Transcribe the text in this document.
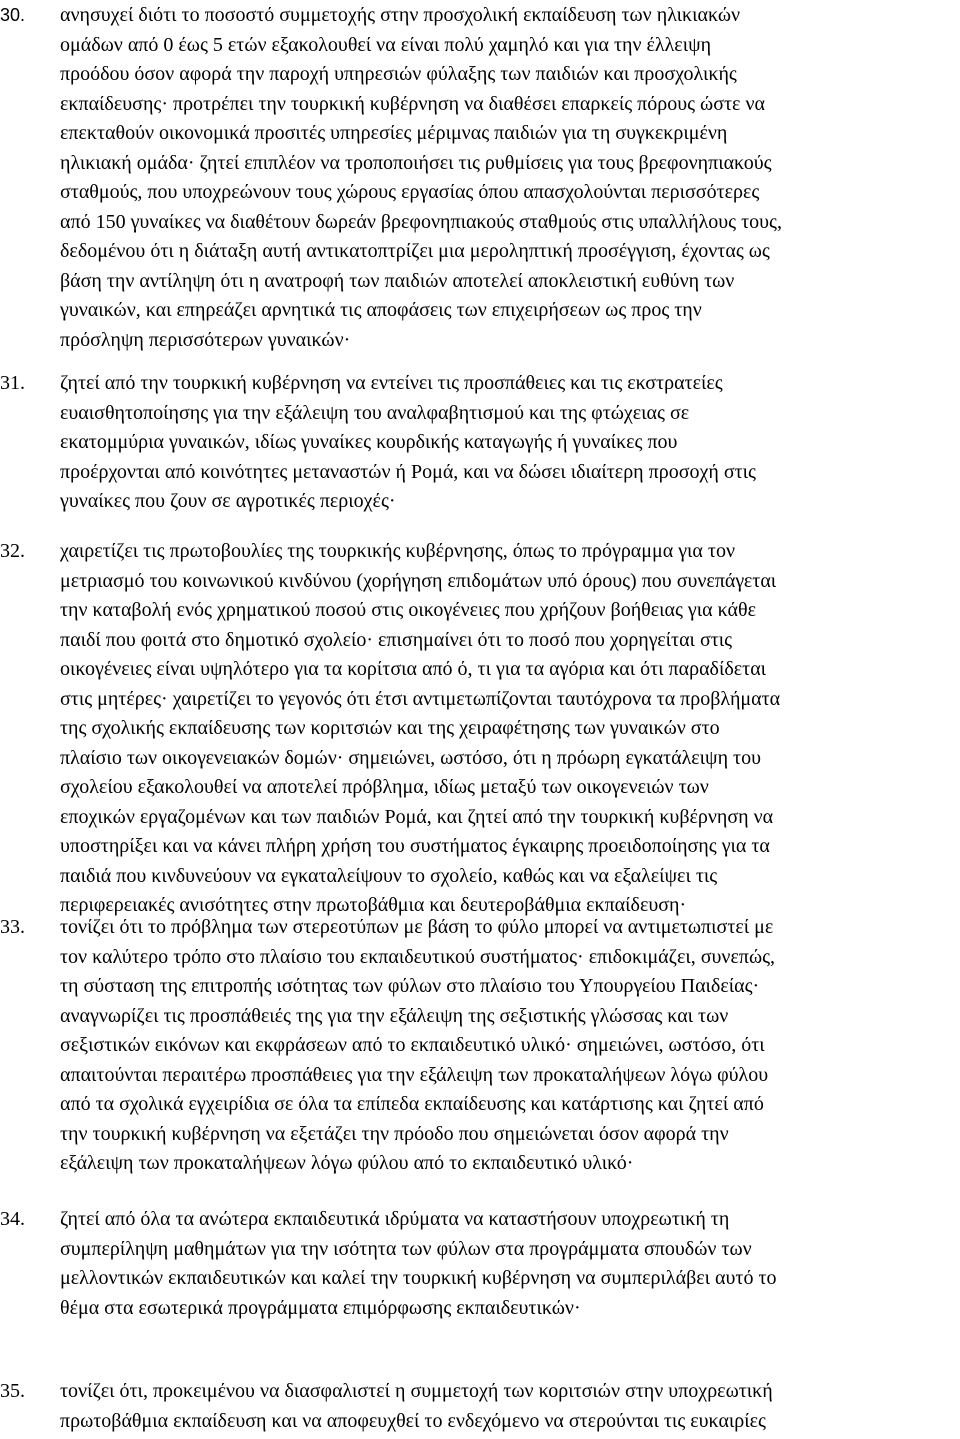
30. ανησυχεί διότι το ποσοστό συμμετοχής στην προσχολική εκπαίδευση των ηλικιακών
ομάδων από 0 έως 5 ετών εξακολουθεί να είναι πολύ χαμηλό και για την έλλειψη
προόδου όσον αφορά την παροχή υπηρεσιών φύλαξης των παιδιών και προσχολικής
εκπαίδευσης· προτρέπει την τουρκική κυβέρνηση να διαθέσει επαρκείς πόρους ώστε να
επεκταθούν οικονομικά προσιτές υπηρεσίες μέριμνας παιδιών για τη συγκεκριμένη
ηλικιακή ομάδα· ζητεί επιπλέον να τροποποιήσει τις ρυθμίσεις για τους βρεφονηπιακούς
σταθμούς, που υποχρεώνουν τους χώρους εργασίας όπου απασχολούνται περισσότερες
από 150 γυναίκες να διαθέτουν δωρεάν βρεφονηπιακούς σταθμούς στις υπαλλήλους τους,
δεδομένου ότι η διάταξη αυτή αντικατοπτρίζει μια μεροληπτική προσέγγιση, έχοντας ως
βάση την αντίληψη ότι η ανατροφή των παιδιών αποτελεί αποκλειστική ευθύνη των
γυναικών, και επηρεάζει αρνητικά τις αποφάσεις των επιχειρήσεων ως προς την
πρόσληψη περισσότερων γυναικών·
31. ζητεί από την τουρκική κυβέρνηση να εντείνει τις προσπάθειες και τις εκστρατείες
ευαισθητοποίησης για την εξάλειψη του αναλφαβητισμού και της φτώχειας σε
εκατομμύρια γυναικών, ιδίως γυναίκες κουρδικής καταγωγής ή γυναίκες που
προέρχονται από κοινότητες μεταναστών ή Ρομά, και να δώσει ιδιαίτερη προσοχή στις
γυναίκες που ζουν σε αγροτικές περιοχές·
32. χαιρετίζει τις πρωτοβουλίες της τουρκικής κυβέρνησης, όπως το πρόγραμμα για τον
μετριασμό του κοινωνικού κινδύνου (χορήγηση επιδομάτων υπό όρους) που συνεπάγεται
την καταβολή ενός χρηματικού ποσού στις οικογένειες που χρήζουν βοήθειας για κάθε
παιδί που φοιτά στο δημοτικό σχολείο· επισημαίνει ότι το ποσό που χορηγείται στις
οικογένειες είναι υψηλότερο για τα κορίτσια από ό, τι για τα αγόρια και ότι παραδίδεται
στις μητέρες· χαιρετίζει το γεγονός ότι έτσι αντιμετωπίζονται ταυτόχρονα τα προβλήματα
της σχολικής εκπαίδευσης των κοριτσιών και της χειραφέτησης των γυναικών στο
πλαίσιο των οικογενειακών δομών· σημειώνει, ωστόσο, ότι η πρόωρη εγκατάλειψη του
σχολείου εξακολουθεί να αποτελεί πρόβλημα, ιδίως μεταξύ των οικογενειών των
εποχικών εργαζομένων και των παιδιών Ρομά, και ζητεί από την τουρκική κυβέρνηση να
υποστηρίξει και να κάνει πλήρη χρήση του συστήματος έγκαιρης προειδοποίησης για τα
παιδιά που κινδυνεύουν να εγκαταλείψουν το σχολείο, καθώς και να εξαλείψει τις
περιφερειακές ανισότητες στην πρωτοβάθμια και δευτεροβάθμια εκπαίδευση·
33. τονίζει ότι το πρόβλημα των στερεοτύπων με βάση το φύλο μπορεί να αντιμετωπιστεί με
τον καλύτερο τρόπο στο πλαίσιο του εκπαιδευτικού συστήματος· επιδοκιμάζει, συνεπώς,
τη σύσταση της επιτροπής ισότητας των φύλων στο πλαίσιο του Υπουργείου Παιδείας·
αναγνωρίζει τις προσπάθειές της για την εξάλειψη της σεξιστικής γλώσσας και των
σεξιστικών εικόνων και εκφράσεων από το εκπαιδευτικό υλικό· σημειώνει, ωστόσο, ότι
απαιτούνται περαιτέρω προσπάθειες για την εξάλειψη των προκαταλήψεων λόγω φύλου
από τα σχολικά εγχειρίδια σε όλα τα επίπεδα εκπαίδευσης και κατάρτισης και ζητεί από
την τουρκική κυβέρνηση να εξετάζει την πρόοδο που σημειώνεται όσον αφορά την
εξάλειψη των προκαταλήψεων λόγω φύλου από το εκπαιδευτικό υλικό·
34. ζητεί από όλα τα ανώτερα εκπαιδευτικά ιδρύματα να καταστήσουν υποχρεωτική τη
συμπερίληψη μαθημάτων για την ισότητα των φύλων στα προγράμματα σπουδών των
μελλοντικών εκπαιδευτικών και καλεί την τουρκική κυβέρνηση να συμπεριλάβει αυτό το
θέμα στα εσωτερικά προγράμματα επιμόρφωσης εκπαιδευτικών·
35. τονίζει ότι, προκειμένου να διασφαλιστεί η συμμετοχή των κοριτσιών στην υποχρεωτική
πρωτοβάθμια εκπαίδευση και να αποφευχθεί το ενδεχόμενο να στερούνται τις ευκαιρίες
